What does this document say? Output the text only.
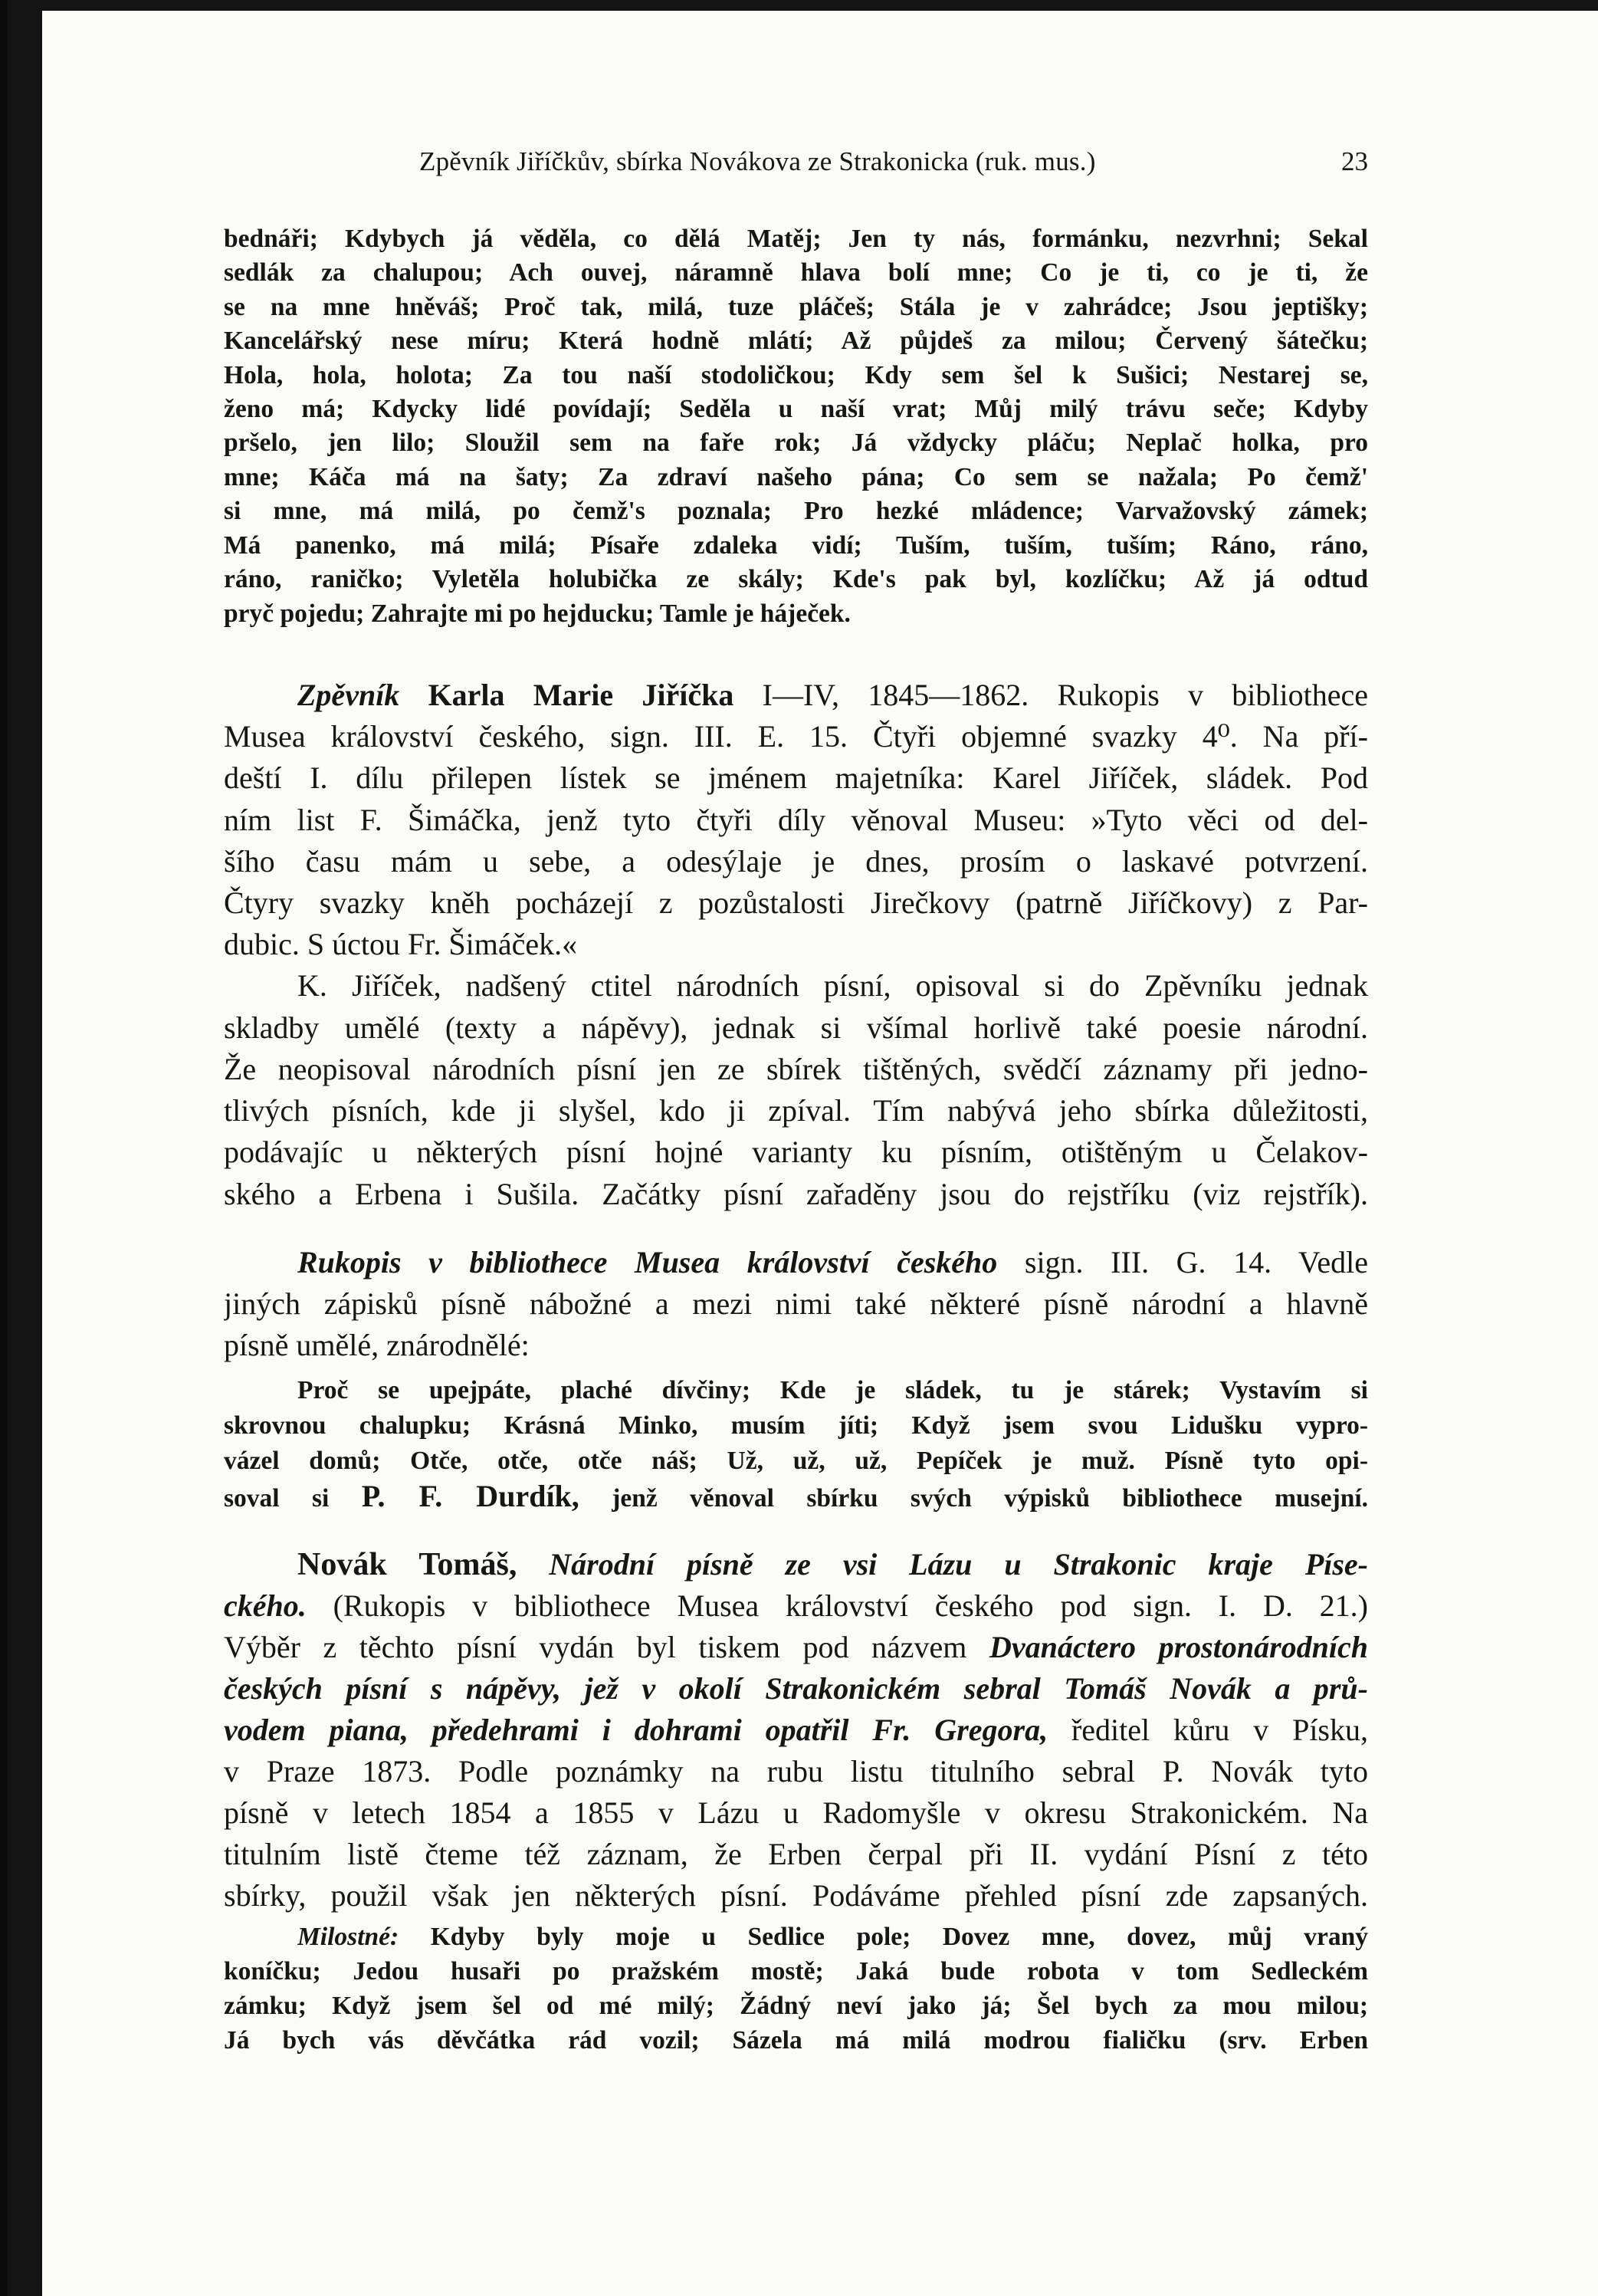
Zpěvník Jiříčkův, sbírka Novákova ze Strakonicka (ruk. mus.)	23
bednáři; Kdybych já věděla, co dělá Matěj; Jen ty nás, formánku, nezvrhni; Sekal
sedlák za chalupou; Ach ouvej, náramně hlava bolí mne; Co je ti, co je ti, že
se na mne hněváš; Proč tak, milá, tuze pláčeš; Stála je v zahrádce; Jsou jeptišky;
Kancelářský nese míru; Která hodně mlátí; Až půjdeš za milou; Červený šátečku;
Hola, hola, holota; Za tou naší stodoličkou; Kdy sem šel k Sušici; Nestarej se,
ženo má; Kdycky lidé povídají; Seděla u naší vrat; Můj milý trávu seče; Kdyby
pršelo, jen lilo; Sloužil sem na faře rok; Já vždycky pláču; Neplač holka, pro
mne; Káča má na šaty; Za zdraví našeho pána; Co sem se nažala; Po čemž'
si mne, má milá, po čemž's poznala; Pro hezké mládence; Varvažovský zámek;
Má panenko, má milá; Písaře zdaleka vidí; Tuším, tuším, tuším; Ráno, ráno,
ráno, raničko; Vyletěla holubička ze skály; Kde's pak byl, kozlíčku; Až já odtud
pryč pojedu; Zahrajte mi po hejducku; Tamle je háječek.
Zpěvník Karla Marie Jiříčka I—IV, 1845—1862. Rukopis v bibliothece
Musea království českého, sign. III. E. 15. Čtyři objemné svazky 4⁰. Na pří-
deští I. dílu přilepen lístek se jménem majetníka: Karel Jiříček, sládek. Pod
ním list F. Šimáčka, jenž tyto čtyři díly věnoval Museu: »Tyto věci od del-
šího času mám u sebe, a odesýlaje je dnes, prosím o laskavé potvrzení.
Čtyry svazky kněh pocházejí z pozůstalosti Jirečkovy (patrně Jiříčkovy) z Par-
dubic. S úctou Fr. Šimáček.«
K. Jiříček, nadšený ctitel národních písní, opisoval si do Zpěvníku jednak
skladby umělé (texty a nápěvy), jednak si všímal horlivě také poesie národní.
Že neopisoval národních písní jen ze sbírek tištěných, svědčí záznamy při jedno-
tlivých písních, kde ji slyšel, kdo ji zpíval. Tím nabývá jeho sbírka důležitosti,
podávajíc u některých písní hojné varianty ku písním, otištěným u Čelakov-
ského a Erbena i Sušila. Začátky písní zařaděny jsou do rejstříku (viz rejstřík).
Rukopis v bibliothece Musea království českého sign. III. G. 14. Vedle
jiných zápisků písně nábožné a mezi nimi také některé písně národní a hlavně
písně umělé, znárodnělé:
Proč se upejpáte, plaché dívčiny; Kde je sládek, tu je stárek; Vystavím si
skrovnou chalupku; Krásná Minko, musím jíti; Když jsem svou Lidušku vypro-
vázel domů; Otče, otče, otče náš; Už, už, už, Pepíček je muž. Písně tyto opi-
soval si P. F. Durdík, jenž věnoval sbírku svých výpisků bibliothece musejní.
Novák Tomáš, Národní písně ze vsi Lázu u Strakonic kraje Píse-
ckého. (Rukopis v bibliothece Musea království českého pod sign. I. D. 21.)
Výběr z těchto písní vydán byl tiskem pod názvem Dvanáctero prostonárodních
českých písní s nápěvy, jež v okolí Strakonickém sebral Tomáš Novák a prů-
vodem piana, předehrami i dohrami opatřil Fr. Gregora, ředitel kůru v Písku,
v Praze 1873. Podle poznámky na rubu listu titulního sebral P. Novák tyto
písně v letech 1854 a 1855 v Lázu u Radomyšle v okresu Strakonickém. Na
titulním listě čteme též záznam, že Erben čerpal při II. vydání Písní z této
sbírky, použil však jen některých písní. Podáváme přehled písní zde zapsaných.
Milostné: Kdyby byly moje u Sedlice pole; Dovez mne, dovez, můj vraný
koníčku; Jedou husaři po pražském mostě; Jaká bude robota v tom Sedleckém
zámku; Když jsem šel od mé milý; Žádný neví jako já; Šel bych za mou milou;
Já bych vás děvčátka rád vozil; Sázela má milá modrou fialičku (srv. Erben
